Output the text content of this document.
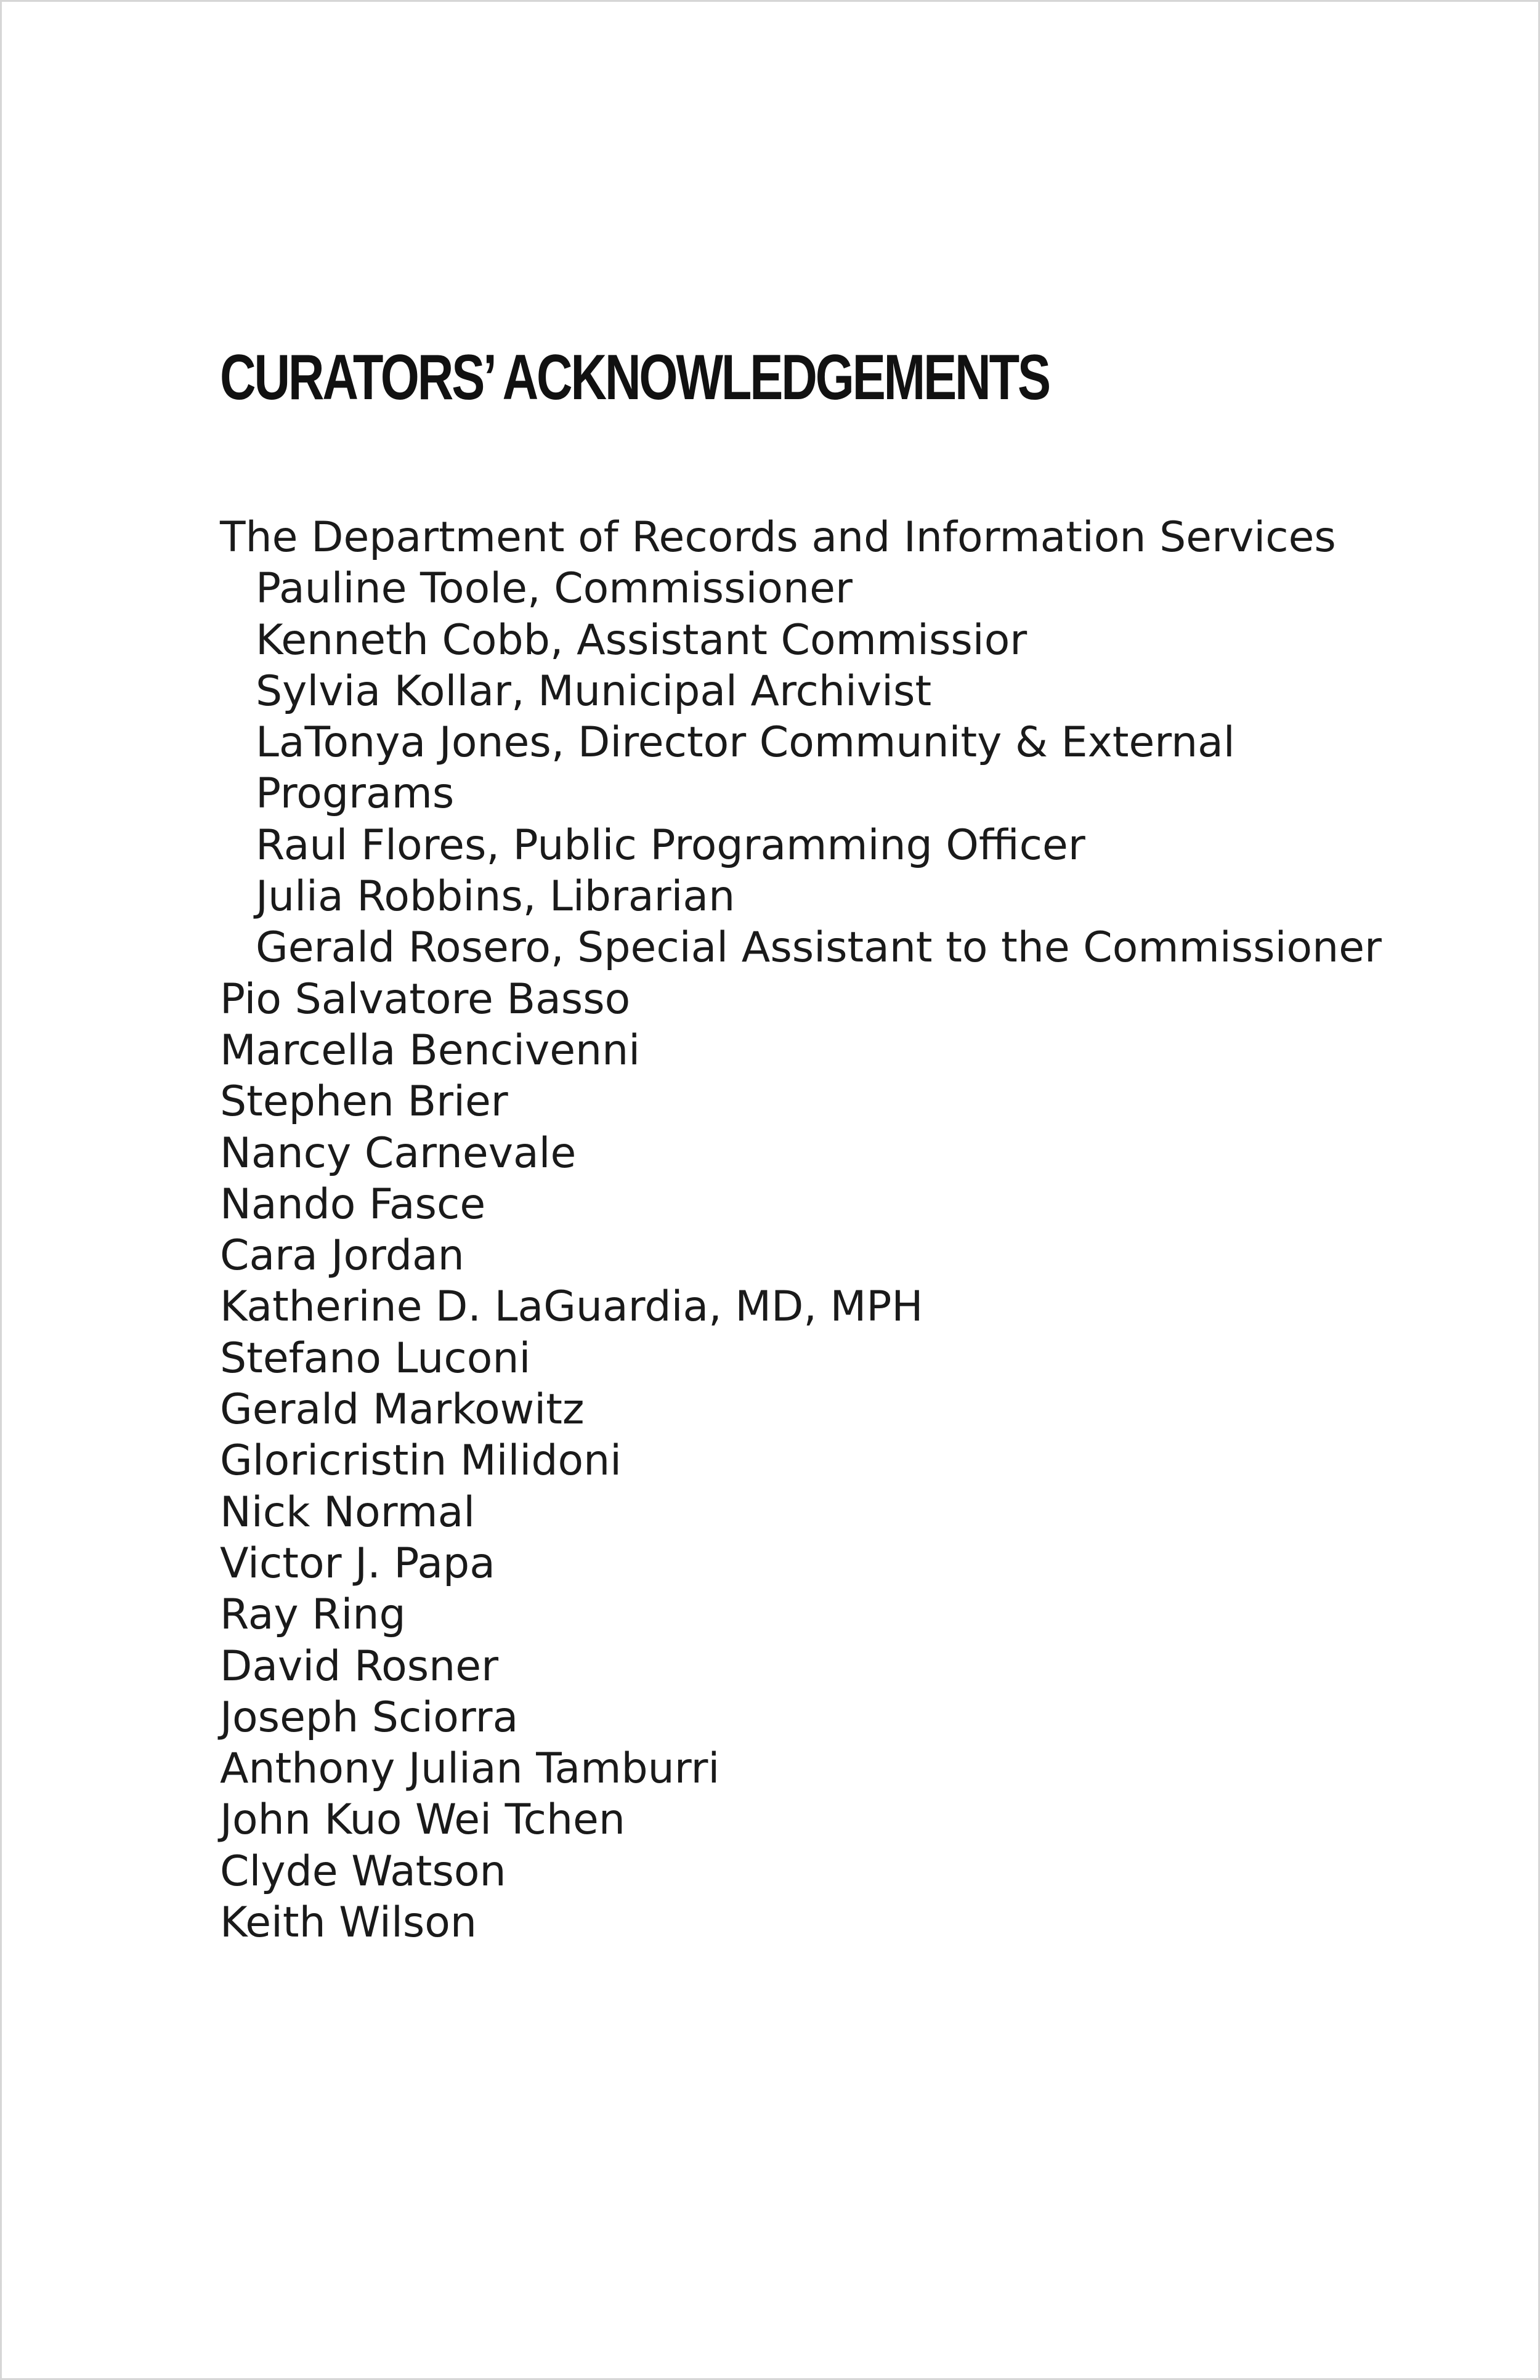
CURATORS’ ACKNOWLEDGEMENTS
The Department of Records and Information Services
Pauline Toole, Commissioner
Kenneth Cobb, Assistant Commissior
Sylvia Kollar, Municipal Archivist
LaTonya Jones, Director Community & External
Programs
Raul Flores, Public Programming Officer
Julia Robbins, Librarian
Gerald Rosero, Special Assistant to the Commissioner
Pio Salvatore Basso
Marcella Bencivenni
Stephen Brier
Nancy Carnevale
Nando Fasce
Cara Jordan
Katherine D. LaGuardia, MD, MPH
Stefano Luconi
Gerald Markowitz
Gloricristin Milidoni
Nick Normal
Victor J. Papa
Ray Ring
David Rosner
Joseph Sciorra
Anthony Julian Tamburri
John Kuo Wei Tchen
Clyde Watson
Keith Wilson
